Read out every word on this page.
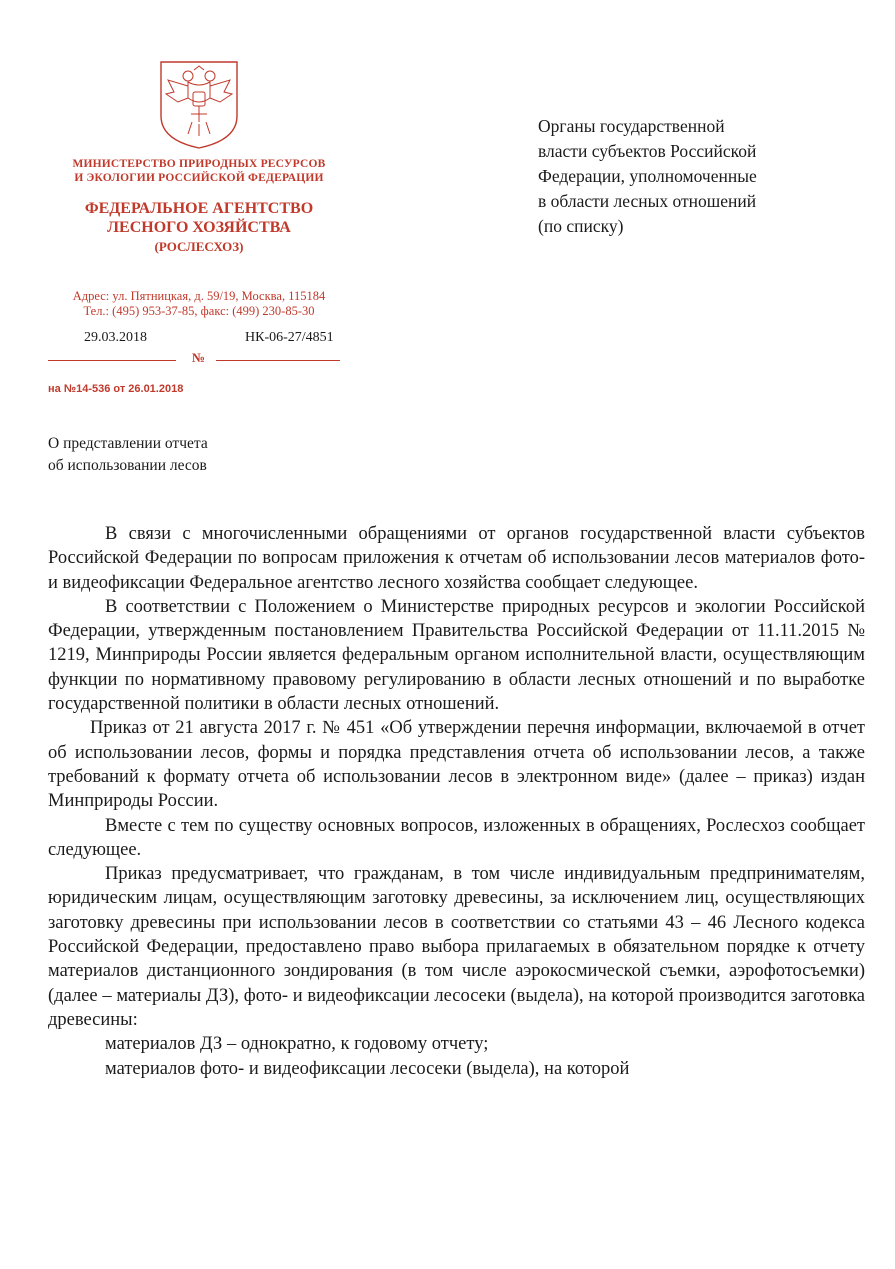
МИНИСТЕРСТВО ПРИРОДНЫХ РЕСУРСОВ
И ЭКОЛОГИИ РОССИЙСКОЙ ФЕДЕРАЦИИ
ФЕДЕРАЛЬНОЕ АГЕНТСТВО
ЛЕСНОГО ХОЗЯЙСТВА
(РОСЛЕСХОЗ)
Адрес: ул. Пятницкая, д. 59/19, Москва, 115184
Тел.: (495) 953-37-85, факс: (499) 230-85-30
29.03.2018	НК-06-27/4851
№
на №14-536 от 26.01.2018
Органы государственной
власти субъектов Российской
Федерации, уполномоченные
в области лесных отношений
(по списку)
О представлении отчета
об использовании лесов

В связи с многочисленными обращениями от органов государственной власти субъектов Российской Федерации по вопросам приложения к отчетам об использовании лесов материалов фото- и видеофиксации Федеральное агентство лесного хозяйства сообщает следующее.

В соответствии с Положением о Министерстве природных ресурсов и экологии Российской Федерации, утвержденным постановлением Правительства Российской Федерации от 11.11.2015 № 1219, Минприроды России является федеральным органом исполнительной власти, осуществляющим функции по нормативному правовому регулированию в области лесных отношений и по выработке государственной политики в области лесных отношений.

Приказ от 21 августа 2017 г. № 451 «Об утверждении перечня информации, включаемой в отчет об использовании лесов, формы и порядка представления отчета об использовании лесов, а также требований к формату отчета об использовании лесов в электронном виде» (далее – приказ) издан Минприроды России.

Вместе с тем по существу основных вопросов, изложенных в обращениях, Рослесхоз сообщает следующее.

Приказ предусматривает, что гражданам, в том числе индивидуальным предпринимателям, юридическим лицам, осуществляющим заготовку древесины, за исключением лиц, осуществляющих заготовку древесины при использовании лесов в соответствии со статьями 43 – 46 Лесного кодекса Российской Федерации, предоставлено право выбора прилагаемых в обязательном порядке к отчету материалов дистанционного зондирования (в том числе аэрокосмической съемки, аэрофотосъемки) (далее – материалы ДЗ), фото- и видеофиксации лесосеки (выдела), на которой производится заготовка древесины:

материалов ДЗ – однократно, к годовому отчету;

материалов фото- и видеофиксации лесосеки (выдела), на которой
